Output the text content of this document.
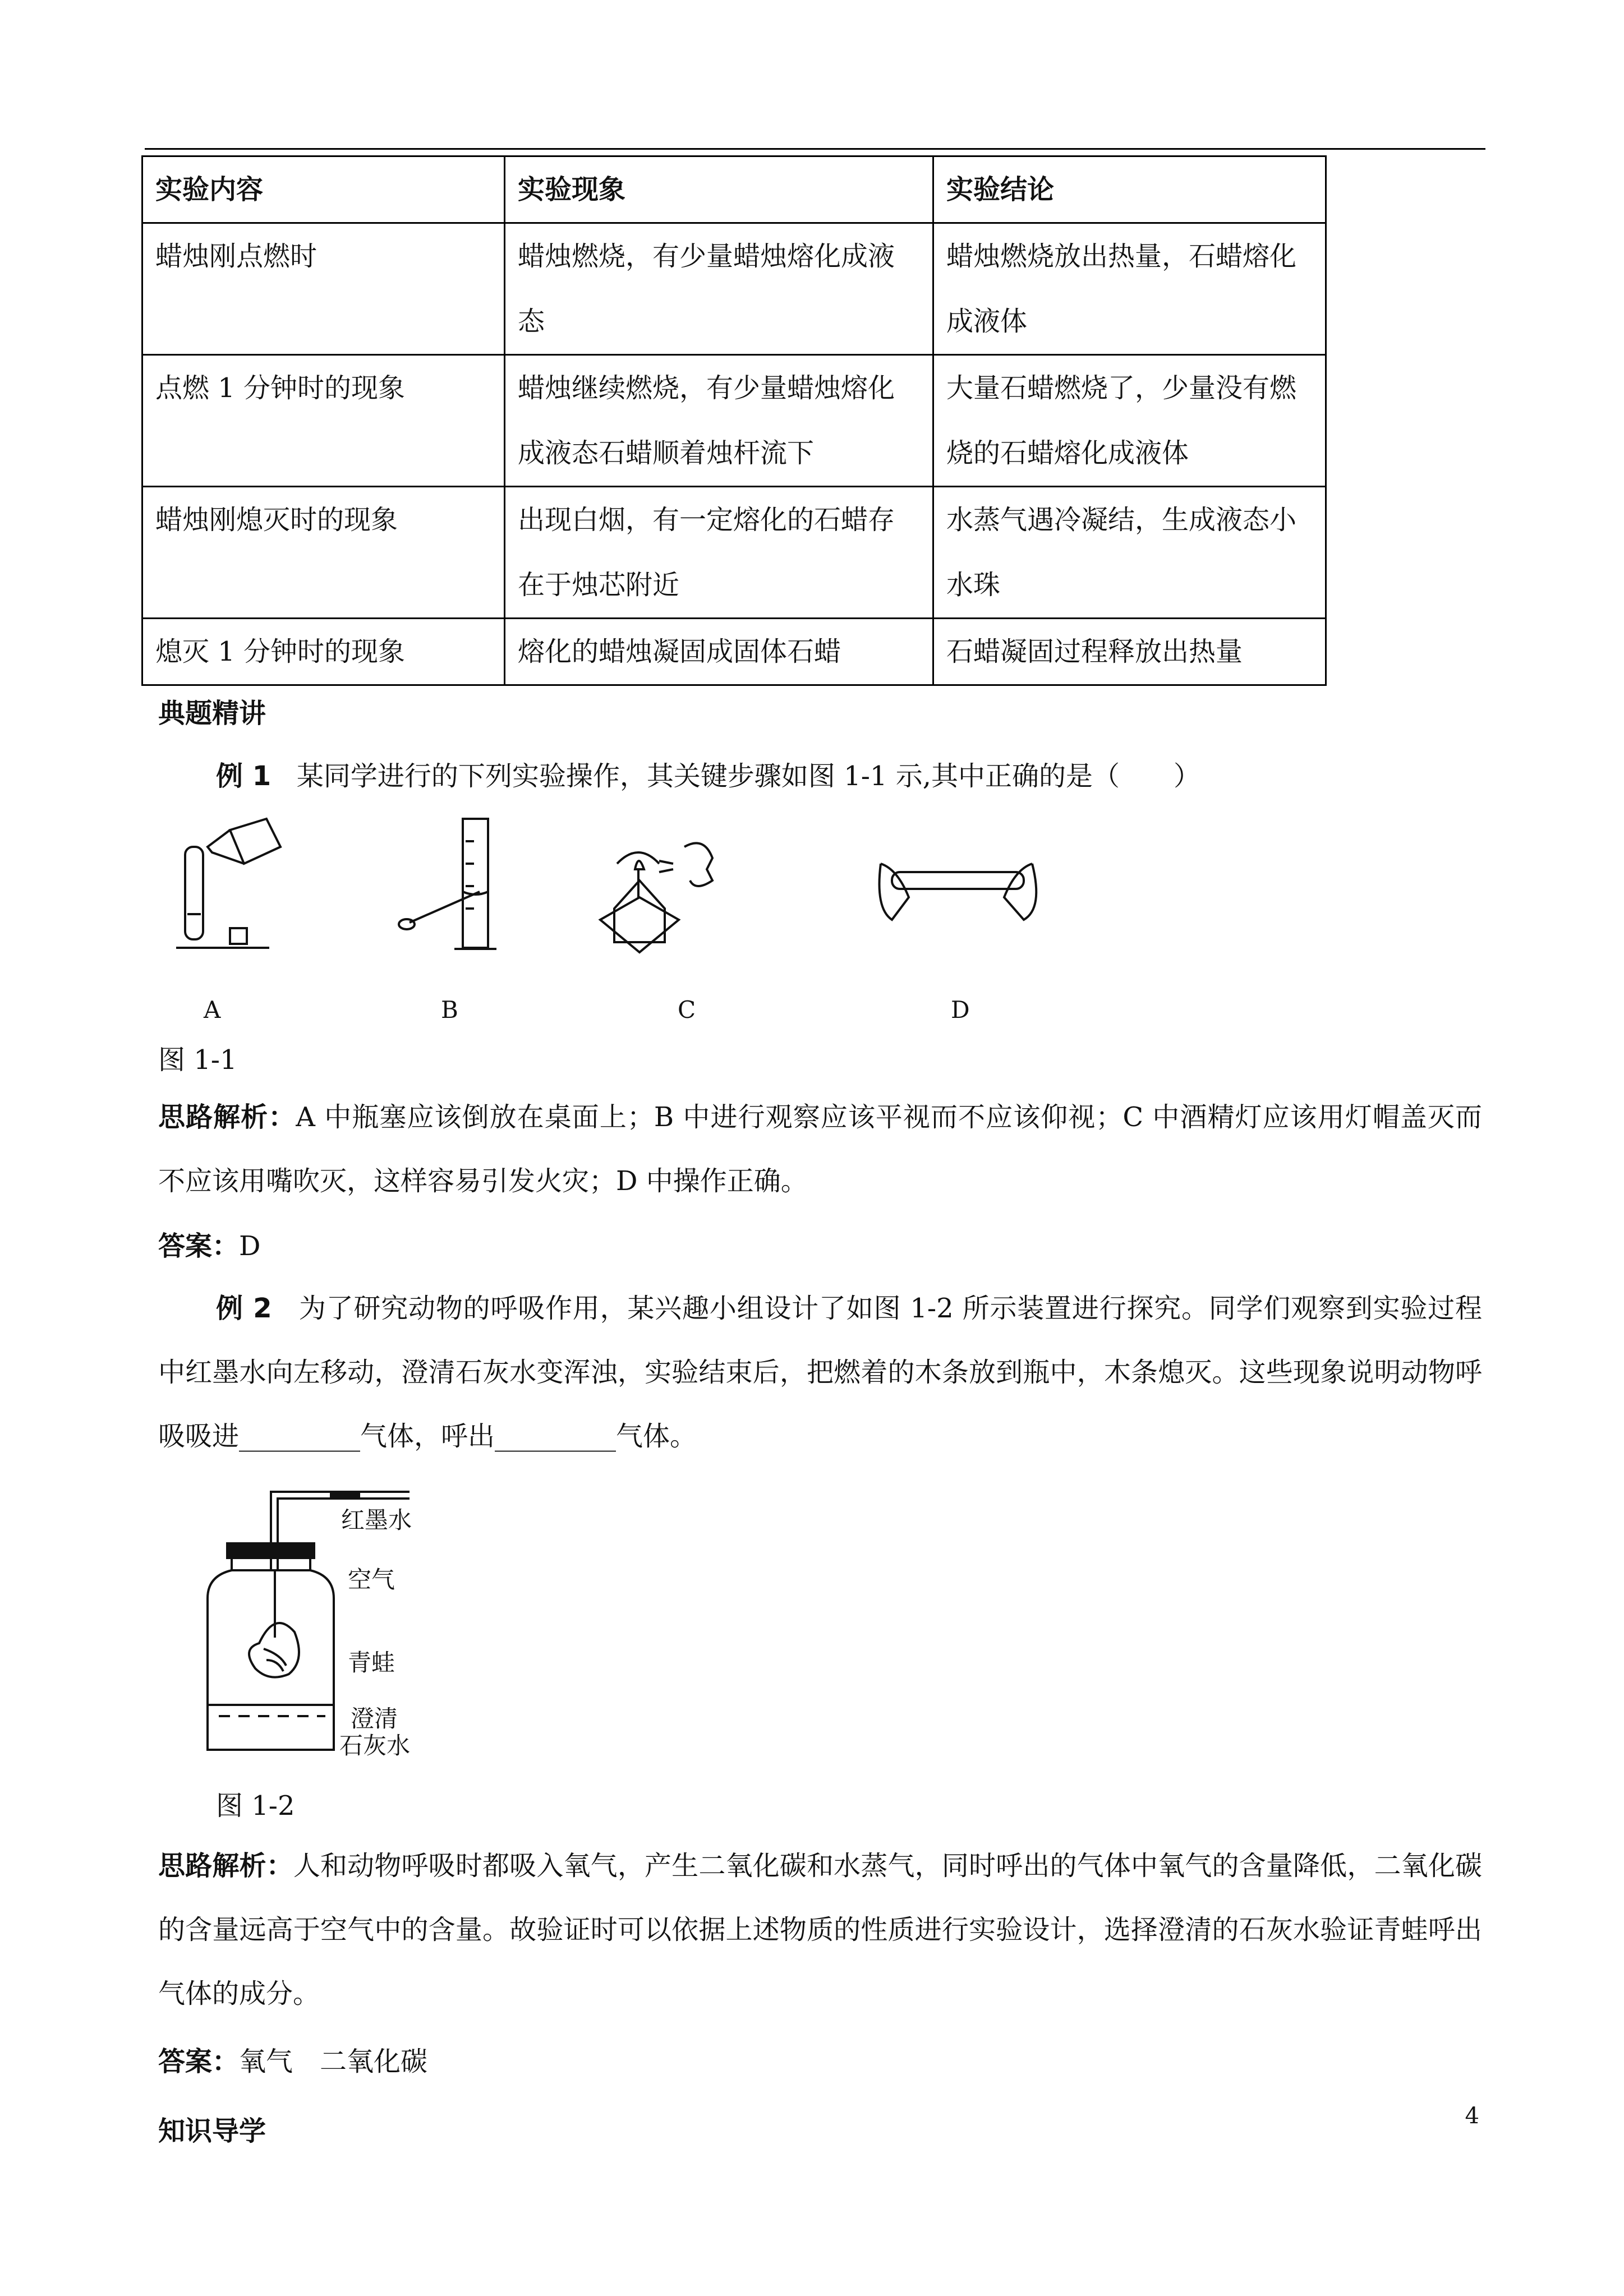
实验内容	实验现象	实验结论
蜡烛刚点燃时	蜡烛燃烧，有少量蜡烛熔化成液态	蜡烛燃烧放出热量，石蜡熔化成液体
点燃 1 分钟时的现象	蜡烛继续燃烧，有少量蜡烛熔化成液态石蜡顺着烛杆流下	大量石蜡燃烧了，少量没有燃烧的石蜡熔化成液体
蜡烛刚熄灭时的现象	出现白烟，有一定熔化的石蜡存在于烛芯附近	水蒸气遇冷凝结，生成液态小水珠
熄灭 1 分钟时的现象	熔化的蜡烛凝固成固体石蜡	石蜡凝固过程释放出热量
典题精讲
例 1 某同学进行的下列实验操作，其关键步骤如图 1-1 示,其中正确的是（　　）
A	B	C	D
图 1-1
思路解析：A 中瓶塞应该倒放在桌面上；B 中进行观察应该平视而不应该仰视；C 中酒精灯应该用灯帽盖灭而不应该用嘴吹灭，这样容易引发火灾；D 中操作正确。
答案：D
例 2 为了研究动物的呼吸作用，某兴趣小组设计了如图 1-2 所示装置进行探究。同学们观察到实验过程中红墨水向左移动，澄清石灰水变浑浊，实验结束后，把燃着的木条放到瓶中，木条熄灭。这些现象说明动物呼吸吸进_________气体，呼出_________气体。
红墨水
空气
青蛙
澄清
石灰水
图 1-2
思路解析：人和动物呼吸时都吸入氧气，产生二氧化碳和水蒸气，同时呼出的气体中氧气的含量降低，二氧化碳的含量远高于空气中的含量。故验证时可以依据上述物质的性质进行实验设计，选择澄清的石灰水验证青蛙呼出气体的成分。
答案：氧气　二氧化碳
知识导学	4
